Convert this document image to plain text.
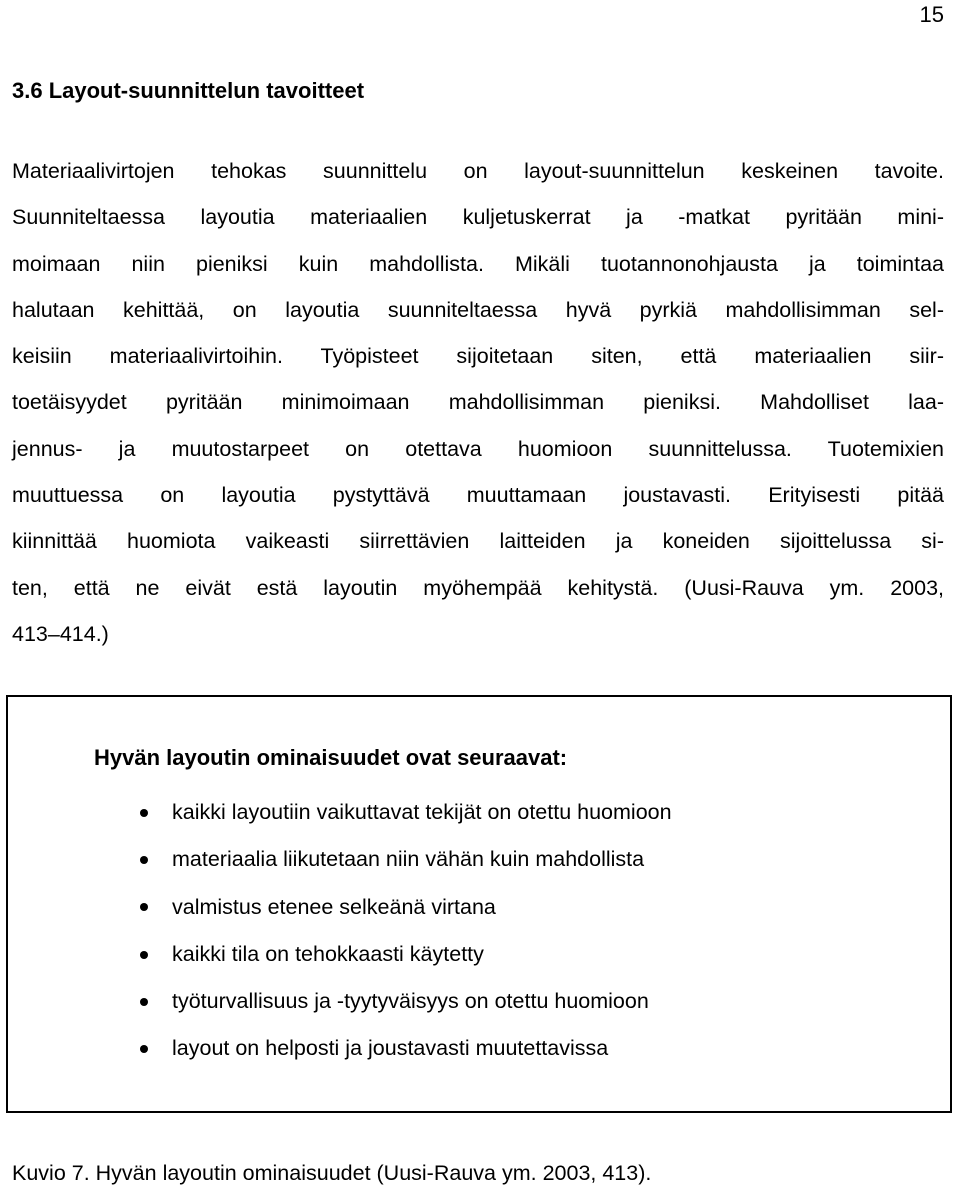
15
3.6 Layout-suunnittelun tavoitteet

Materiaalivirtojen tehokas suunnittelu on layout-suunnittelun keskeinen tavoite.
Suunniteltaessa layoutia materiaalien kuljetuskerrat ja -matkat pyritään mini-
moimaan niin pieniksi kuin mahdollista. Mikäli tuotannonohjausta ja toimintaa
halutaan kehittää, on layoutia suunniteltaessa hyvä pyrkiä mahdollisimman sel-
keisiin materiaalivirtoihin. Työpisteet sijoitetaan siten, että materiaalien siir-
toetäisyydet pyritään minimoimaan mahdollisimman pieniksi. Mahdolliset laa-
jennus- ja muutostarpeet on otettava huomioon suunnittelussa. Tuotemixien
muuttuessa on layoutia pystyttävä muuttamaan joustavasti. Erityisesti pitää
kiinnittää huomiota vaikeasti siirrettävien laitteiden ja koneiden sijoittelussa si-
ten, että ne eivät estä layoutin myöhempää kehitystä. (Uusi-Rauva ym. 2003,
413–414.)

Hyvän layoutin ominaisuudet ovat seuraavat:
kaikki layoutiin vaikuttavat tekijät on otettu huomioon
materiaalia liikutetaan niin vähän kuin mahdollista
valmistus etenee selkeänä virtana
kaikki tila on tehokkaasti käytetty
työturvallisuus ja -tyytyväisyys on otettu huomioon
layout on helposti ja joustavasti muutettavissa

Kuvio 7. Hyvän layoutin ominaisuudet (Uusi-Rauva ym. 2003, 413).
